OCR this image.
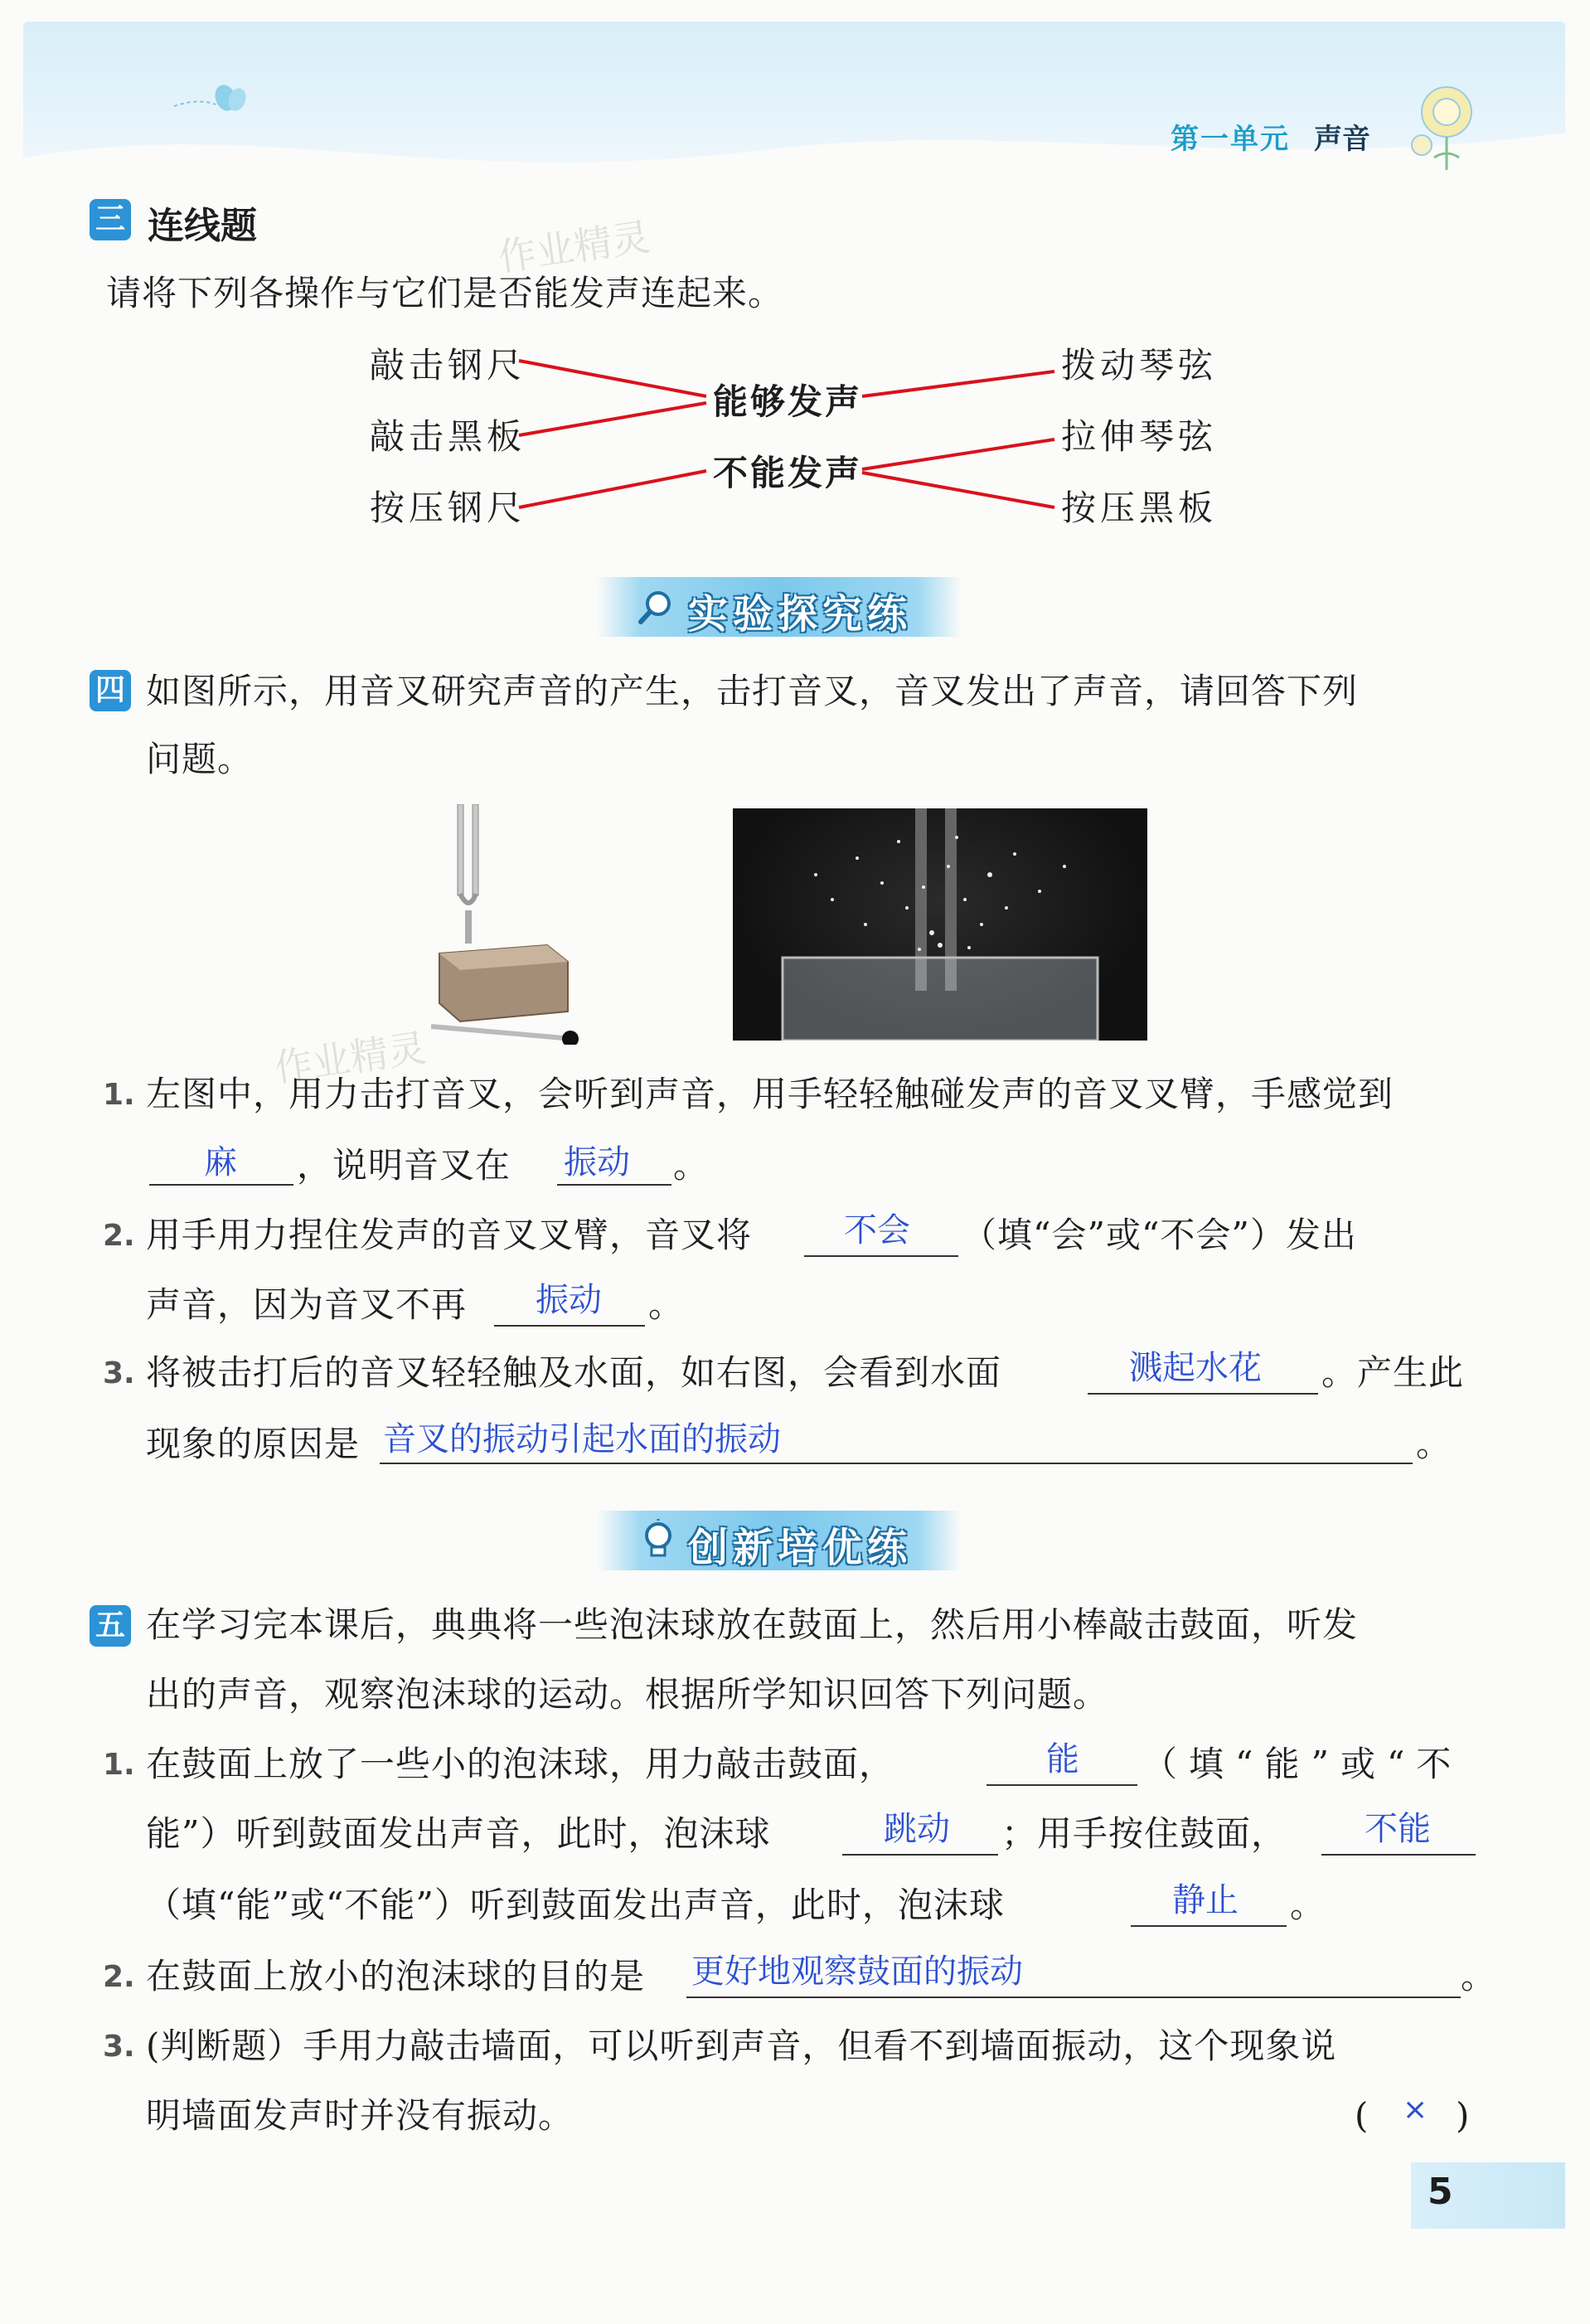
第一单元 声音
作业精灵
作业精灵
三 连线题
请将下列各操作与它们是否能发声连起来。
敲击钢尺
敲击黑板
按压钢尺
能够发声
不能发声
拨动琴弦
拉伸琴弦
按压黑板
实验探究练
四 如图所示，用音叉研究声音的产生，击打音叉，音叉发出了声音，请回答下列
问题。
1. 左图中，用力击打音叉，会听到声音，用手轻轻触碰发声的音叉叉臂，手感觉到
麻 ，说明音叉在 振动 。
2. 用手用力捏住发声的音叉叉臂，音叉将	不会 （填“会”或“不会”）发出
声音，因为音叉不再 振动 。
3. 将被击打后的音叉轻轻触及水面，如右图，会看到水面	溅起水花 。产生此
现象的原因是 音叉的振动引起水面的振动	。
创新培优练
五 在学习完本课后，典典将一些泡沫球放在鼓面上，然后用小棒敲击鼓面，听发
出的声音，观察泡沫球的运动。根据所学知识回答下列问题。
1. 在鼓面上放了一些小的泡沫球，用力敲击鼓面，	能 （填“能”或“不
能”）听到鼓面发出声音，此时，泡沫球	跳动 ；用手按住鼓面， 不能
（填“能”或“不能”）听到鼓面发出声音，此时，泡沫球	静止 。
2. 在鼓面上放小的泡沫球的目的是 更好地观察鼓面的振动	。
3. (判断题）手用力敲击墙面，可以听到声音，但看不到墙面振动，这个现象说
明墙面发声时并没有振动。	( × )
5
